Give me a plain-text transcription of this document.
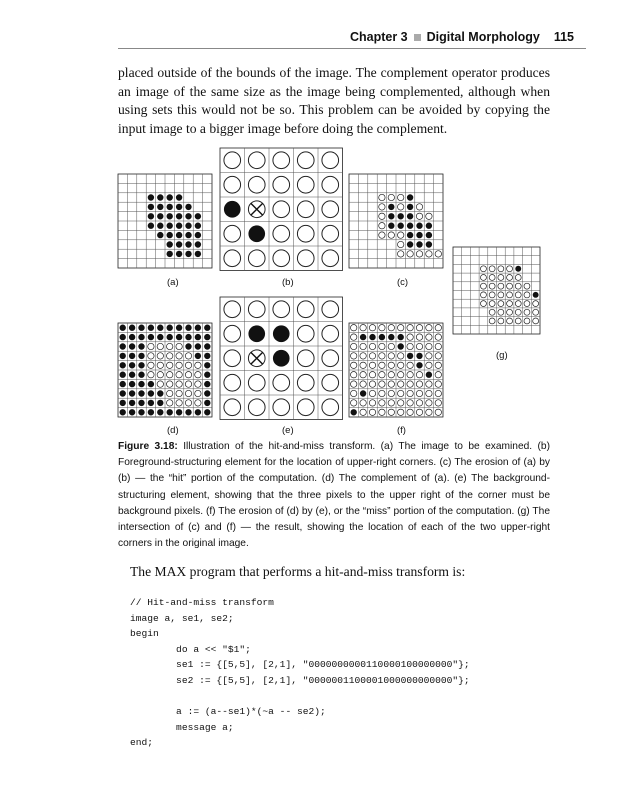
Chapter 3 Digital Morphology 115

placed outside of the bounds of the image. The complement operator produces an image of the same size as the image being complemented, although when using sets this would not be so. This problem can be avoided by copying the input image to a bigger image before doing the complement.

(a)	(b)	(c)
(d)	(e)	(f)
(g)
Figure 3.18: Illustration of the hit-and-miss transform. (a) The image to be examined. (b) Foreground-structuring element for the location of upper-right corners. (c) The erosion of (a) by (b) — the “hit” portion of the computation. (d) The complement of (a). (e) The background-structuring element, showing that the three pixels to the upper right of the corner must be background pixels. (f) The erosion of (d) by (e), or the “miss” portion of the computation. (g) The intersection of (c) and (f) — the result, showing the location of each of the two upper-right corners in the original image.
The MAX program that performs a hit-and-miss transform is:
// Hit-and-miss transform
image a, se1, se2;
begin
do a << "$1";
se1 := {[5,5], [2,1], "0000000000110000100000000"};
se2 := {[5,5], [2,1], "0000001100001000000000000"};

a := (a--se1)*(~a -- se2);
message a;
end;
